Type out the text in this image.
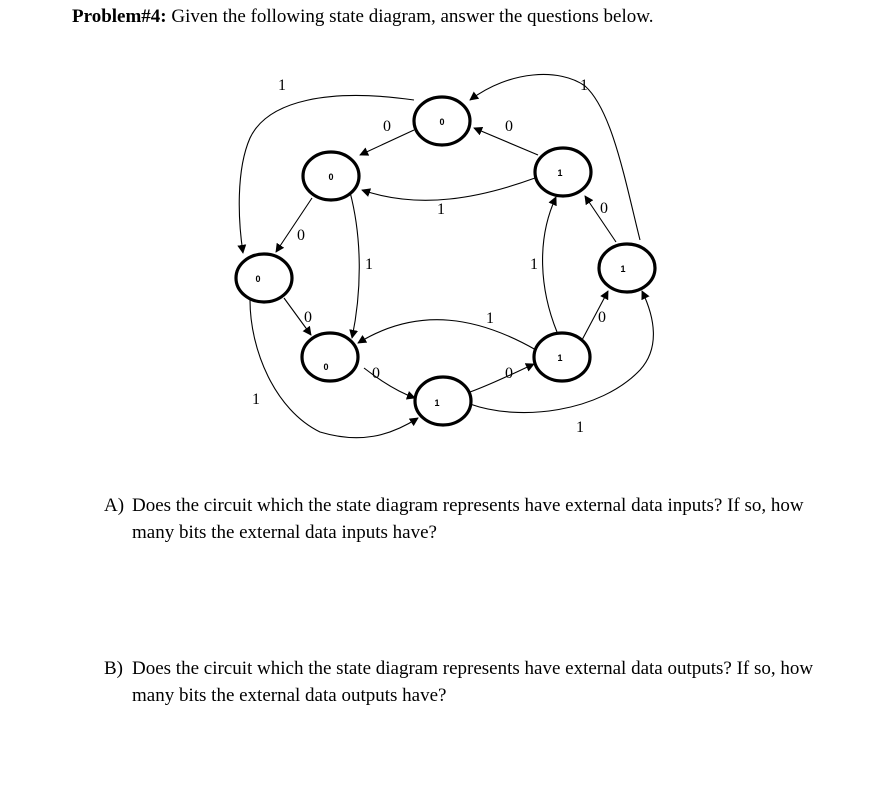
Problem#4: Given the following state diagram, answer the questions below.
1
0	0
1
0
1
1
0
1
0
1
0
1
0
0
1
0
0
0
0
1
1
1
1
A) Does the circuit which the state diagram represents have external data inputs? If so, how
many bits the external data inputs have?
B) Does the circuit which the state diagram represents have external data outputs? If so, how
many bits the external data outputs have?
